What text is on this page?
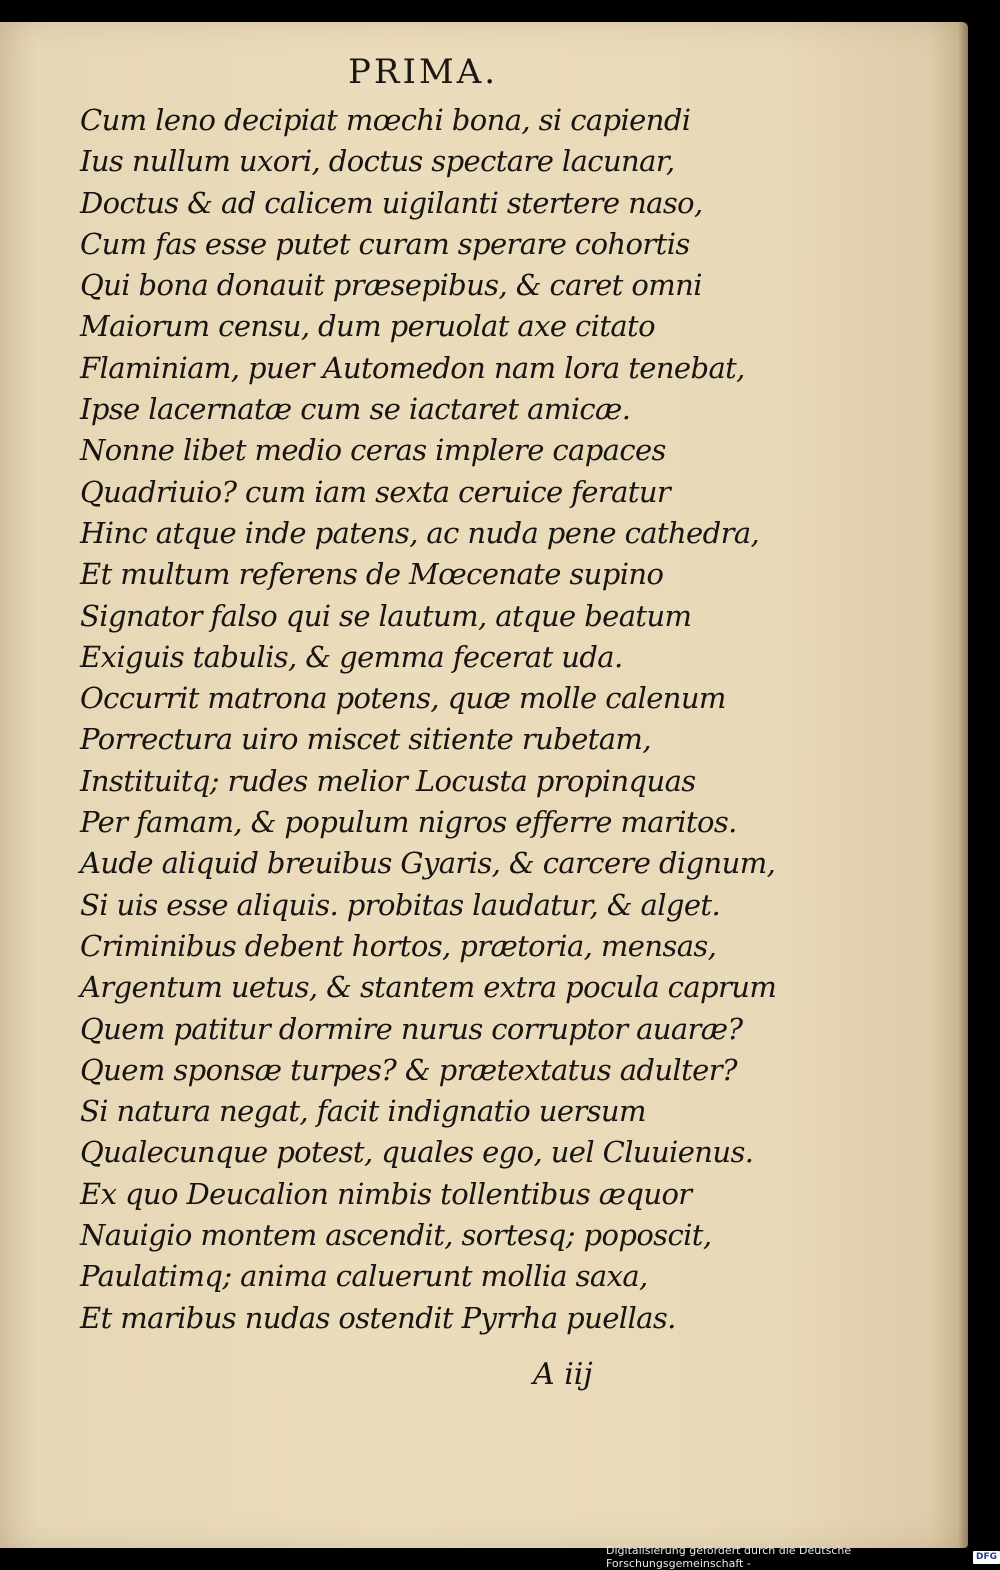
PRIMA.
Cum leno decipiat mœchi bona, si capiendi
Ius nullum uxori, doctus spectare lacunar,
Doctus & ad calicem uigilanti stertere naso,
Cum fas esse putet curam sperare cohortis
Qui bona donauit præsepibus, & caret omni
Maiorum censu, dum peruolat axe citato
Flaminiam, puer Automedon nam lora tenebat,
Ipse lacernatæ cum se iactaret amicæ.
Nonne libet medio ceras implere capaces
Quadriuio? cum iam sexta ceruice feratur
Hinc atque inde patens, ac nuda pene cathedra,
Et multum referens de Mœcenate supino
Signator falso qui se lautum, atque beatum
Exiguis tabulis, & gemma fecerat uda.
Occurrit matrona potens, quæ molle calenum
Porrectura uiro miscet sitiente rubetam,
Instituitq; rudes melior Locusta propinquas
Per famam, & populum nigros efferre maritos.
Aude aliquid breuibus Gyaris, & carcere dignum,
Si uis esse aliquis. probitas laudatur, & alget.
Criminibus debent hortos, prætoria, mensas,
Argentum uetus, & stantem extra pocula caprum
Quem patitur dormire nurus corruptor auaræ?
Quem sponsæ turpes? & prætextatus adulter?
Si natura negat, facit indignatio uersum
Qualecunque potest, quales ego, uel Cluuienus.
Ex quo Deucalion nimbis tollentibus æquor
Nauigio montem ascendit, sortesq; poposcit,
Paulatimq; anima caluerunt mollia saxa,
Et maribus nudas ostendit Pyrrha puellas.
A iij
Digitalisierung gefördert durch die Deutsche Forschungsgemeinschaft -	DFG
